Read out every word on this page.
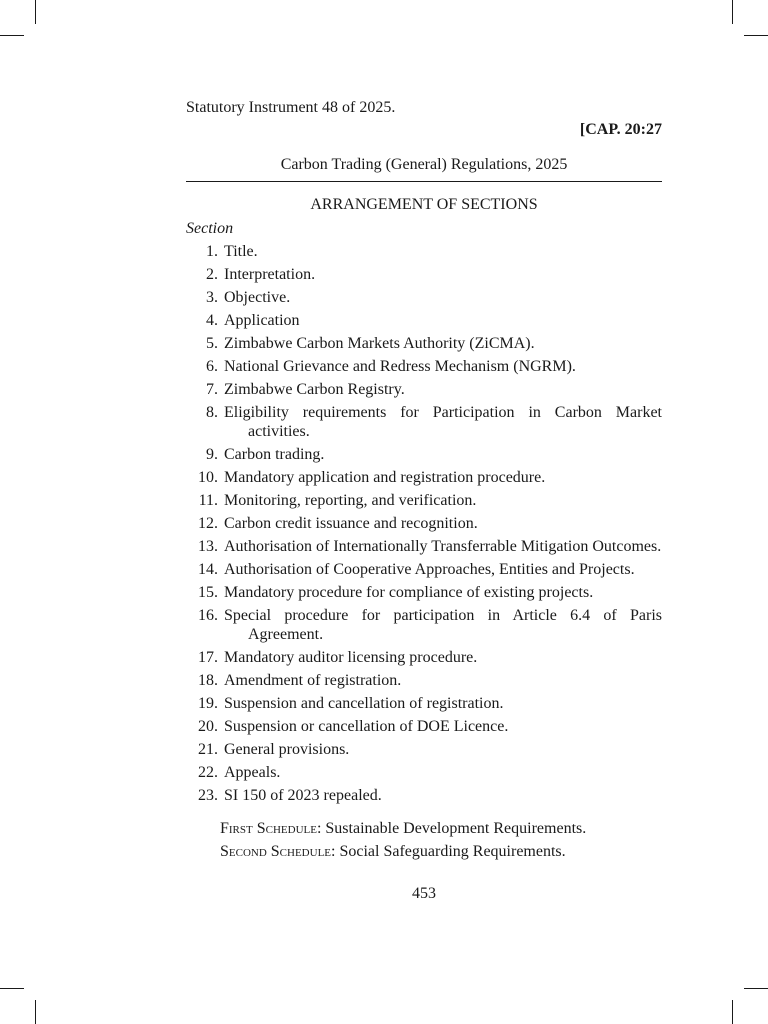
Statutory Instrument 48 of 2025.
[CAP. 20:27
Carbon Trading (General) Regulations, 2025
ARRANGEMENT OF SECTIONS
Section
1. Title.
2. Interpretation.
3. Objective.
4. Application
5. Zimbabwe Carbon Markets Authority (ZiCMA).
6. National Grievance and Redress Mechanism (NGRM).
7. Zimbabwe Carbon Registry.
8. Eligibility requirements for Participation in Carbon Market activities.
9. Carbon trading.
10. Mandatory application and registration procedure.
11. Monitoring, reporting, and verification.
12. Carbon credit issuance and recognition.
13. Authorisation of Internationally Transferrable Mitigation Outcomes.
14. Authorisation of Cooperative Approaches, Entities and Projects.
15. Mandatory procedure for compliance of existing projects.
16. Special procedure for participation in Article 6.4 of Paris Agreement.
17. Mandatory auditor licensing procedure.
18. Amendment of registration.
19. Suspension and cancellation of registration.
20. Suspension or cancellation of DOE Licence.
21. General provisions.
22. Appeals.
23. SI 150 of 2023 repealed.
First Schedule: Sustainable Development Requirements.
Second Schedule: Social Safeguarding Requirements.
453
